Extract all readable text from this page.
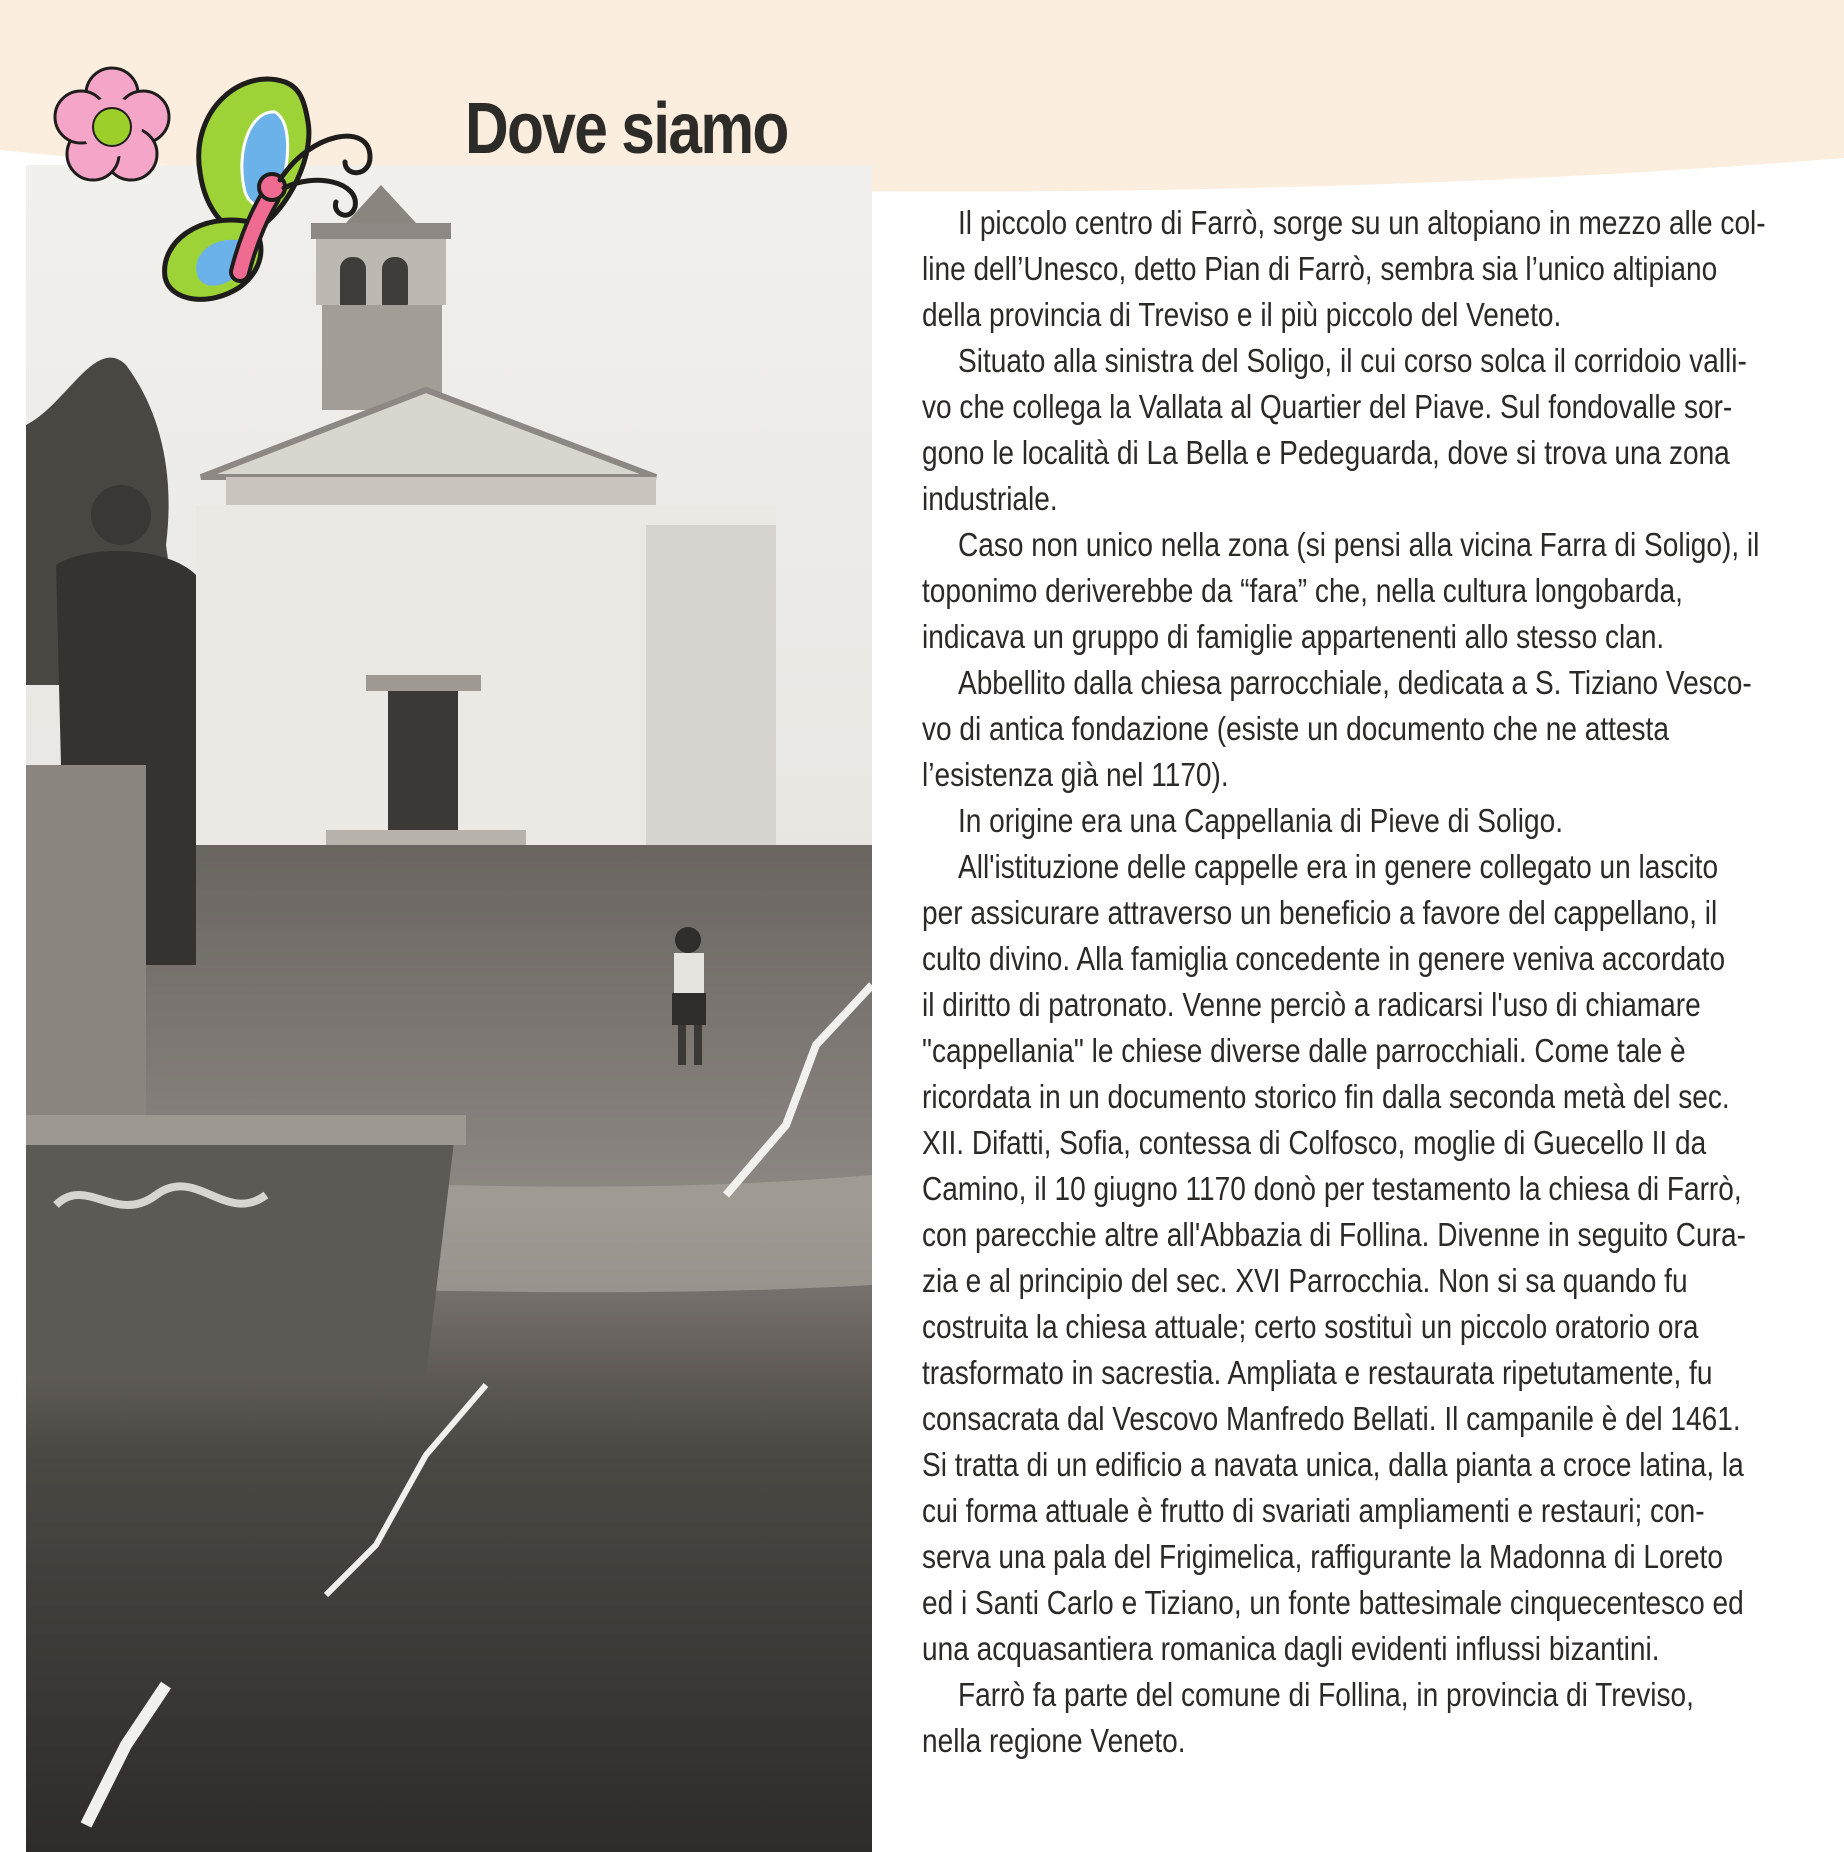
Dove siamo

Il piccolo centro di Farrò, sorge su un altopiano in mezzo alle col-

line dell’Unesco, detto Pian di Farrò, sembra sia l’unico altipiano

della provincia di Treviso e il più piccolo del Veneto.

Situato alla sinistra del Soligo, il cui corso solca il corridoio valli-

vo che collega la Vallata al Quartier del Piave. Sul fondovalle sor-

gono le località di La Bella e Pedeguarda, dove si trova una zona

industriale.

Caso non unico nella zona (si pensi alla vicina Farra di Soligo), il

toponimo deriverebbe da “fara” che, nella cultura longobarda,

indicava un gruppo di famiglie appartenenti allo stesso clan.

Abbellito dalla chiesa parrocchiale, dedicata a S. Tiziano Vesco-

vo di antica fondazione (esiste un documento che ne attesta

l’esistenza già nel 1170).

In origine era una Cappellania di Pieve di Soligo.

All'istituzione delle cappelle era in genere collegato un lascito

per assicurare attraverso un beneficio a favore del cappellano, il

culto divino. Alla famiglia concedente in genere veniva accordato

il diritto di patronato. Venne perciò a radicarsi l'uso di chiamare

"cappellania" le chiese diverse dalle parrocchiali. Come tale è

ricordata in un documento storico fin dalla seconda metà del sec.

XII. Difatti, Sofia, contessa di Colfosco, moglie di Guecello II da

Camino, il 10 giugno 1170 donò per testamento la chiesa di Farrò,

con parecchie altre all'Abbazia di Follina. Divenne in seguito Cura-

zia e al principio del sec. XVI Parrocchia. Non si sa quando fu

costruita la chiesa attuale; certo sostituì un piccolo oratorio ora

trasformato in sacrestia. Ampliata e restaurata ripetutamente, fu

consacrata dal Vescovo Manfredo Bellati. Il campanile è del 1461.

Si tratta di un edificio a navata unica, dalla pianta a croce latina, la

cui forma attuale è frutto di svariati ampliamenti e restauri; con-

serva una pala del Frigimelica, raffigurante la Madonna di Loreto

ed i Santi Carlo e Tiziano, un fonte battesimale cinquecentesco ed

una acquasantiera romanica dagli evidenti influssi bizantini.

Farrò fa parte del comune di Follina, in provincia di Treviso,

nella regione Veneto.
